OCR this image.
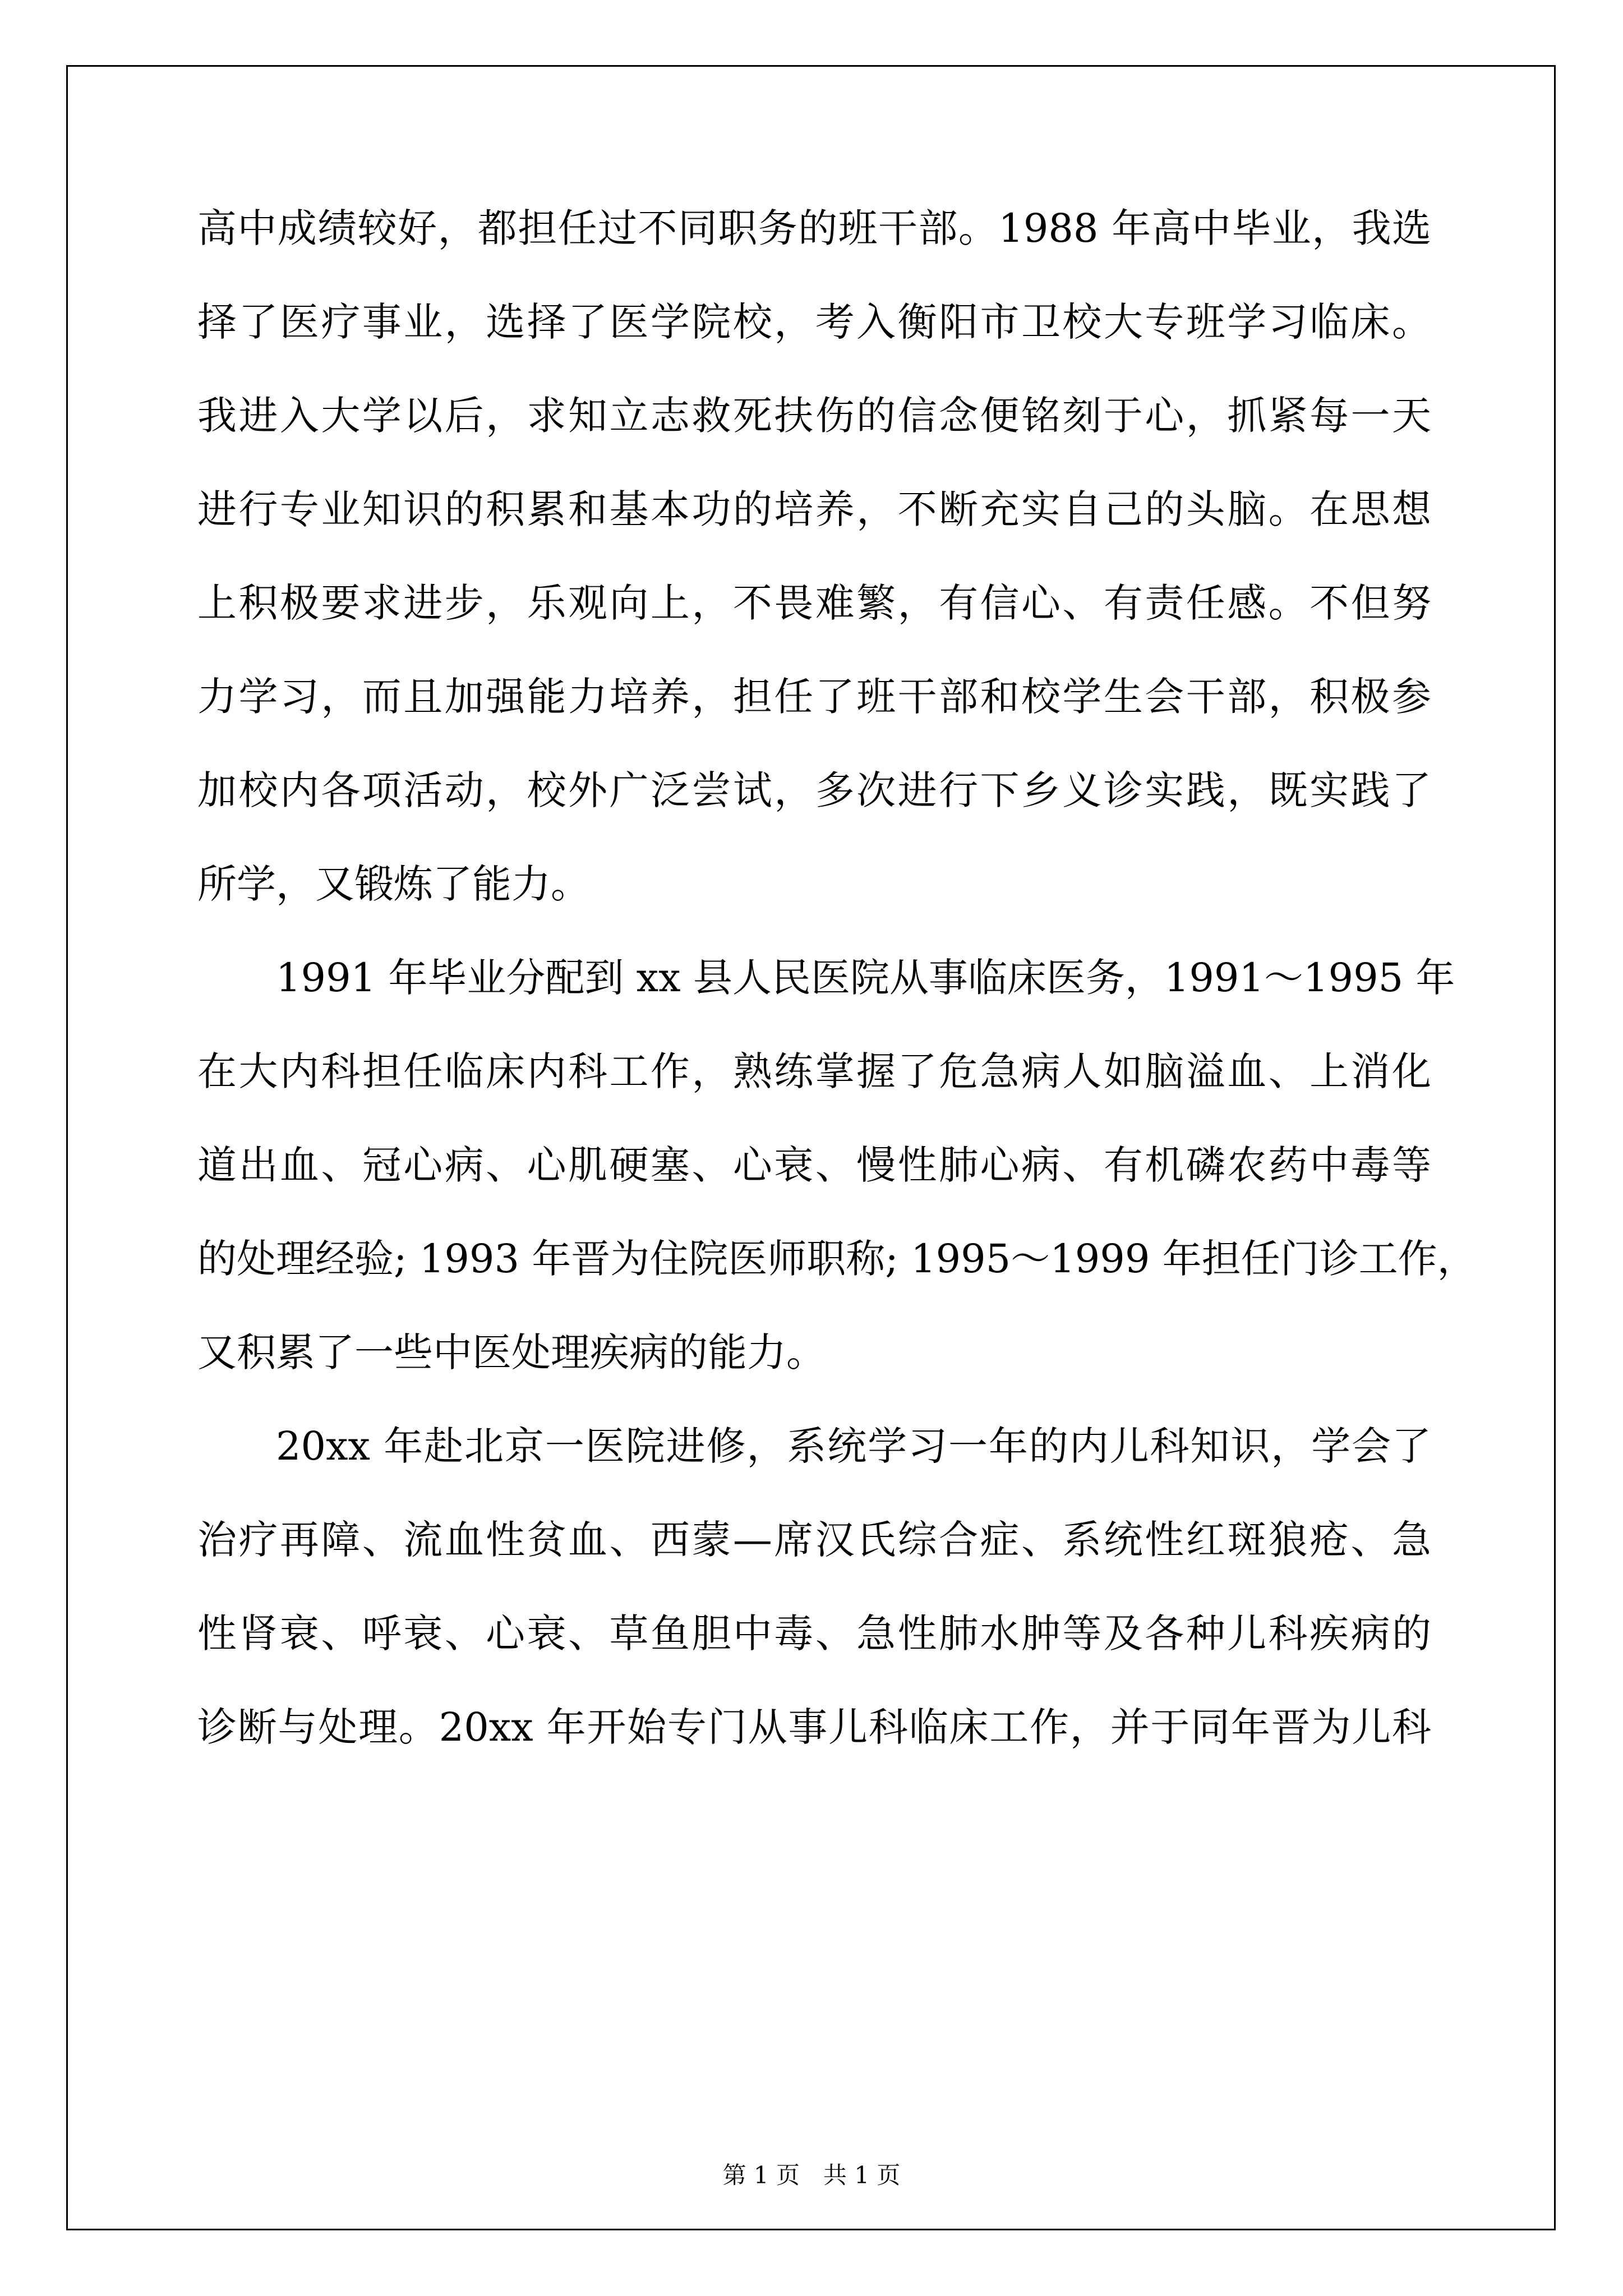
高中成绩较好，都担任过不同职务的班干部。1988 年高中毕业，我选
择了医疗事业，选择了医学院校，考入衡阳市卫校大专班学习临床。
我进入大学以后，求知立志救死扶伤的信念便铭刻于心，抓紧每一天
进行专业知识的积累和基本功的培养，不断充实自己的头脑。在思想
上积极要求进步，乐观向上，不畏难繁，有信心、有责任感。不但努
力学习，而且加强能力培养，担任了班干部和校学生会干部，积极参
加校内各项活动，校外广泛尝试，多次进行下乡义诊实践，既实践了
所学，又锻炼了能力。
1991 年毕业分配到 xx 县人民医院从事临床医务，1991～1995 年
在大内科担任临床内科工作，熟练掌握了危急病人如脑溢血、上消化
道出血、冠心病、心肌硬塞、心衰、慢性肺心病、有机磷农药中毒等
的处理经验; 1993 年晋为住院医师职称; 1995～1999 年担任门诊工作，
又积累了一些中医处理疾病的能力。
20xx 年赴北京一医院进修，系统学习一年的内儿科知识，学会了
治疗再障、流血性贫血、西蒙—席汉氏综合症、系统性红斑狼疮、急
性肾衰、呼衰、心衰、草鱼胆中毒、急性肺水肿等及各种儿科疾病的
诊断与处理。20xx 年开始专门从事儿科临床工作，并于同年晋为儿科
第 1 页　共 1 页
